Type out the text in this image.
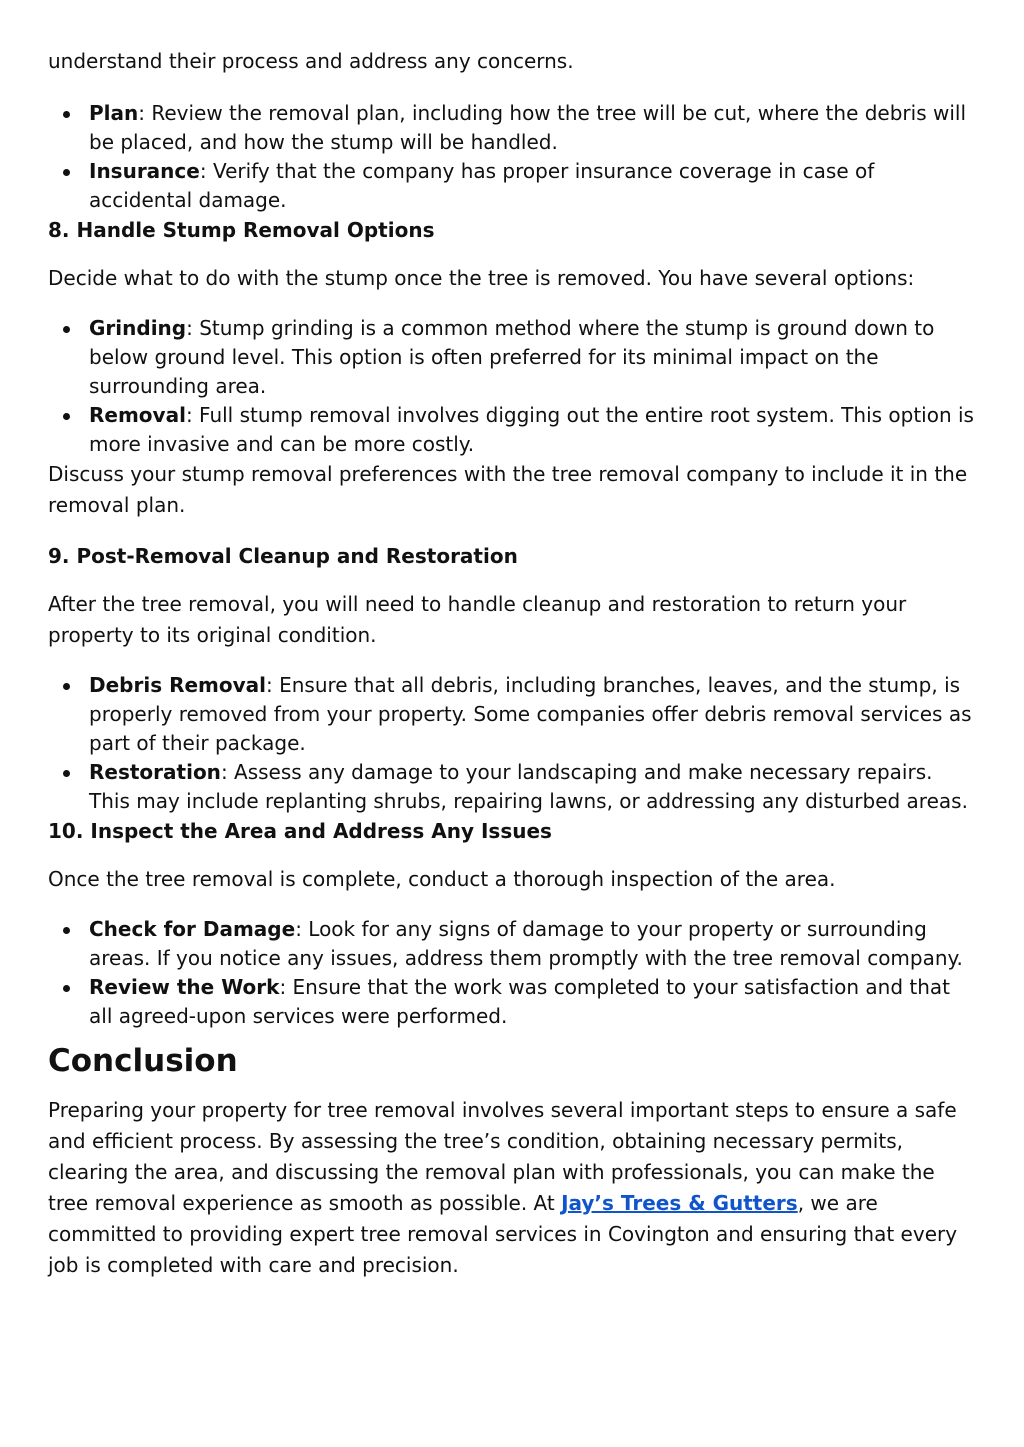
understand their process and address any concerns.

Plan: Review the removal plan, including how the tree will be cut, where the debris will be placed, and how the stump will be handled.
Insurance: Verify that the company has proper insurance coverage in case of accidental damage.
8. Handle Stump Removal Options

Decide what to do with the stump once the tree is removed. You have several options:

Grinding: Stump grinding is a common method where the stump is ground down to below ground level. This option is often preferred for its minimal impact on the surrounding area.
Removal: Full stump removal involves digging out the entire root system. This option is more invasive and can be more costly.

Discuss your stump removal preferences with the tree removal company to include it in the removal plan.

9. Post-Removal Cleanup and Restoration

After the tree removal, you will need to handle cleanup and restoration to return your property to its original condition.

Debris Removal: Ensure that all debris, including branches, leaves, and the stump, is properly removed from your property. Some companies offer debris removal services as part of their package.
Restoration: Assess any damage to your landscaping and make necessary repairs. This may include replanting shrubs, repairing lawns, or addressing any disturbed areas.
10. Inspect the Area and Address Any Issues

Once the tree removal is complete, conduct a thorough inspection of the area.

Check for Damage: Look for any signs of damage to your property or surrounding areas. If you notice any issues, address them promptly with the tree removal company.
Review the Work: Ensure that the work was completed to your satisfaction and that all agreed-upon services were performed.
Conclusion

Preparing your property for tree removal involves several important steps to ensure a safe and efficient process. By assessing the tree’s condition, obtaining necessary permits, clearing the area, and discussing the removal plan with professionals, you can make the tree removal experience as smooth as possible. At Jay’s Trees & Gutters, we are committed to providing expert tree removal services in Covington and ensuring that every job is completed with care and precision.
